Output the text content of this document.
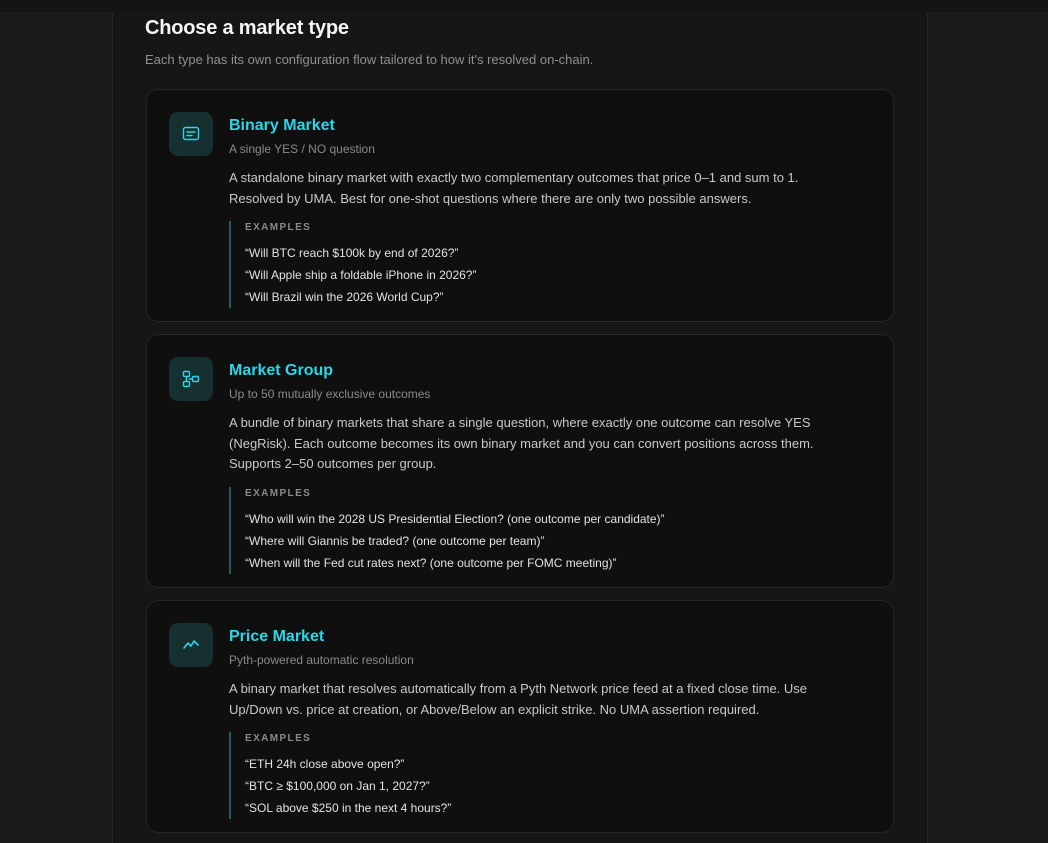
Choose a market type

Each type has its own configuration flow tailored to how it's resolved on-chain.

Binary Market

A single YES / NO question

A standalone binary market with exactly two complementary outcomes that price 0–1 and sum to 1. Resolved by UMA. Best for one-shot questions where there are only two possible answers.

EXAMPLES

“Will BTC reach $100k by end of 2026?”

“Will Apple ship a foldable iPhone in 2026?”

“Will Brazil win the 2026 World Cup?”

Market Group

Up to 50 mutually exclusive outcomes

A bundle of binary markets that share a single question, where exactly one outcome can resolve YES (NegRisk). Each outcome becomes its own binary market and you can convert positions across them. Supports 2–50 outcomes per group.

EXAMPLES

“Who will win the 2028 US Presidential Election? (one outcome per candidate)”

“Where will Giannis be traded? (one outcome per team)”

“When will the Fed cut rates next? (one outcome per FOMC meeting)”

Price Market

Pyth-powered automatic resolution

A binary market that resolves automatically from a Pyth Network price feed at a fixed close time. Use Up/Down vs. price at creation, or Above/Below an explicit strike. No UMA assertion required.

EXAMPLES

“ETH 24h close above open?”

“BTC ≥ $100,000 on Jan 1, 2027?”

“SOL above $250 in the next 4 hours?”
